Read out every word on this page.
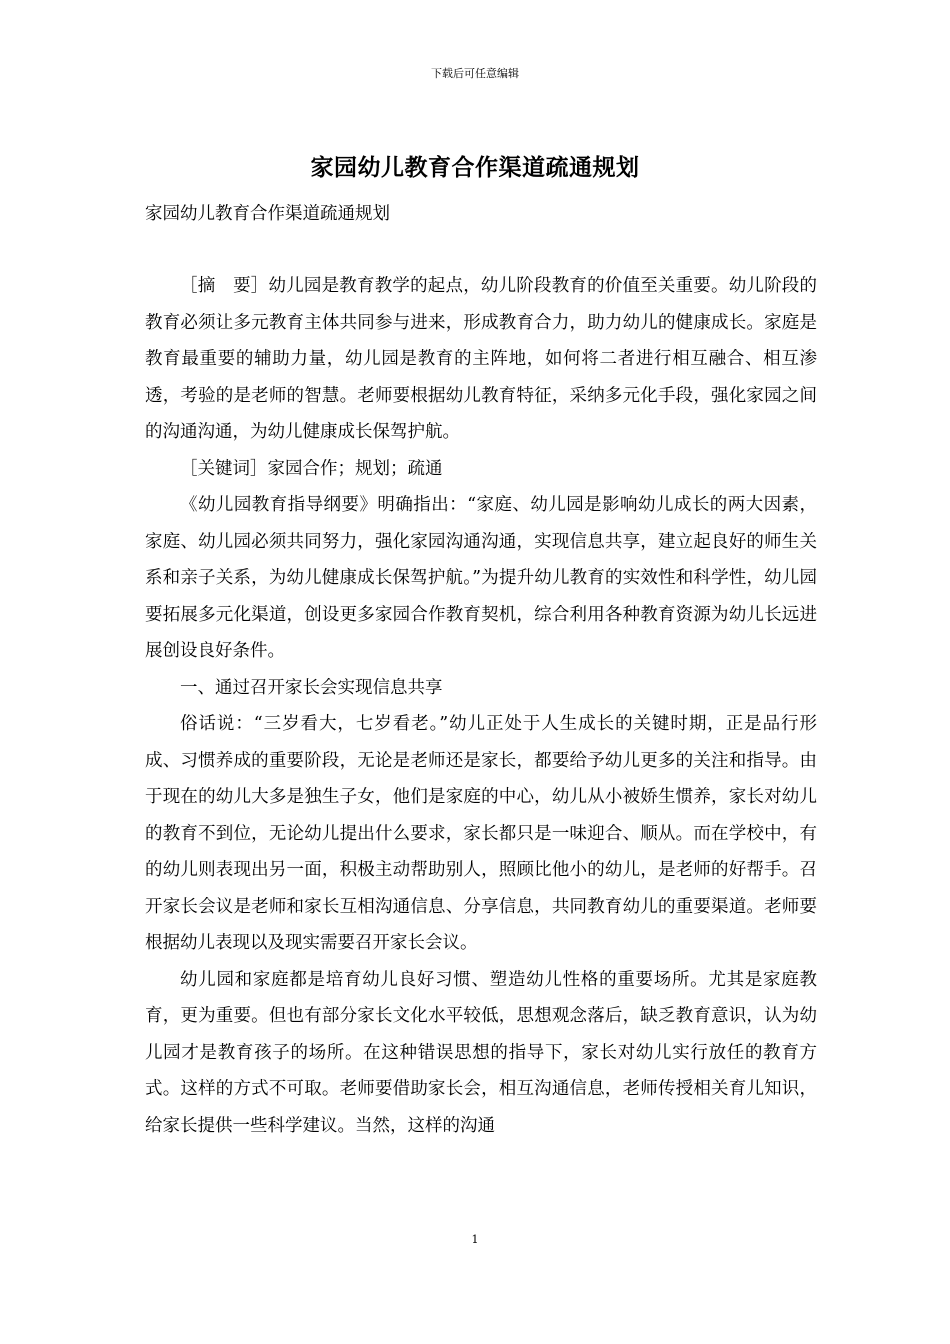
下载后可任意编辑
家园幼儿教育合作渠道疏通规划
家园幼儿教育合作渠道疏通规划

［摘　要］幼儿园是教育教学的起点，幼儿阶段教育的价值至关重要。幼儿阶段的教育必须让多元教育主体共同参与进来，形成教育合力，助力幼儿的健康成长。家庭是教育最重要的辅助力量，幼儿园是教育的主阵地，如何将二者进行相互融合、相互渗透，考验的是老师的智慧。老师要根据幼儿教育特征，采纳多元化手段，强化家园之间的沟通沟通，为幼儿健康成长保驾护航。

［关键词］家园合作；规划；疏通

《幼儿园教育指导纲要》明确指出：“家庭、幼儿园是影响幼儿成长的两大因素，家庭、幼儿园必须共同努力，强化家园沟通沟通，实现信息共享，建立起良好的师生关系和亲子关系，为幼儿健康成长保驾护航。”为提升幼儿教育的实效性和科学性，幼儿园要拓展多元化渠道，创设更多家园合作教育契机，综合利用各种教育资源为幼儿长远进展创设良好条件。

一、通过召开家长会实现信息共享

俗话说：“三岁看大，七岁看老。”幼儿正处于人生成长的关键时期，正是品行形成、习惯养成的重要阶段，无论是老师还是家长，都要给予幼儿更多的关注和指导。由于现在的幼儿大多是独生子女，他们是家庭的中心，幼儿从小被娇生惯养，家长对幼儿的教育不到位，无论幼儿提出什么要求，家长都只是一味迎合、顺从。而在学校中，有的幼儿则表现出另一面，积极主动帮助别人，照顾比他小的幼儿，是老师的好帮手。召开家长会议是老师和家长互相沟通信息、分享信息，共同教育幼儿的重要渠道。老师要根据幼儿表现以及现实需要召开家长会议。

幼儿园和家庭都是培育幼儿良好习惯、塑造幼儿性格的重要场所。尤其是家庭教育，更为重要。但也有部分家长文化水平较低，思想观念落后，缺乏教育意识，认为幼儿园才是教育孩子的场所。在这种错误思想的指导下，家长对幼儿实行放任的教育方式。这样的方式不可取。老师要借助家长会，相互沟通信息，老师传授相关育儿知识，给家长提供一些科学建议。当然，这样的沟通

1
